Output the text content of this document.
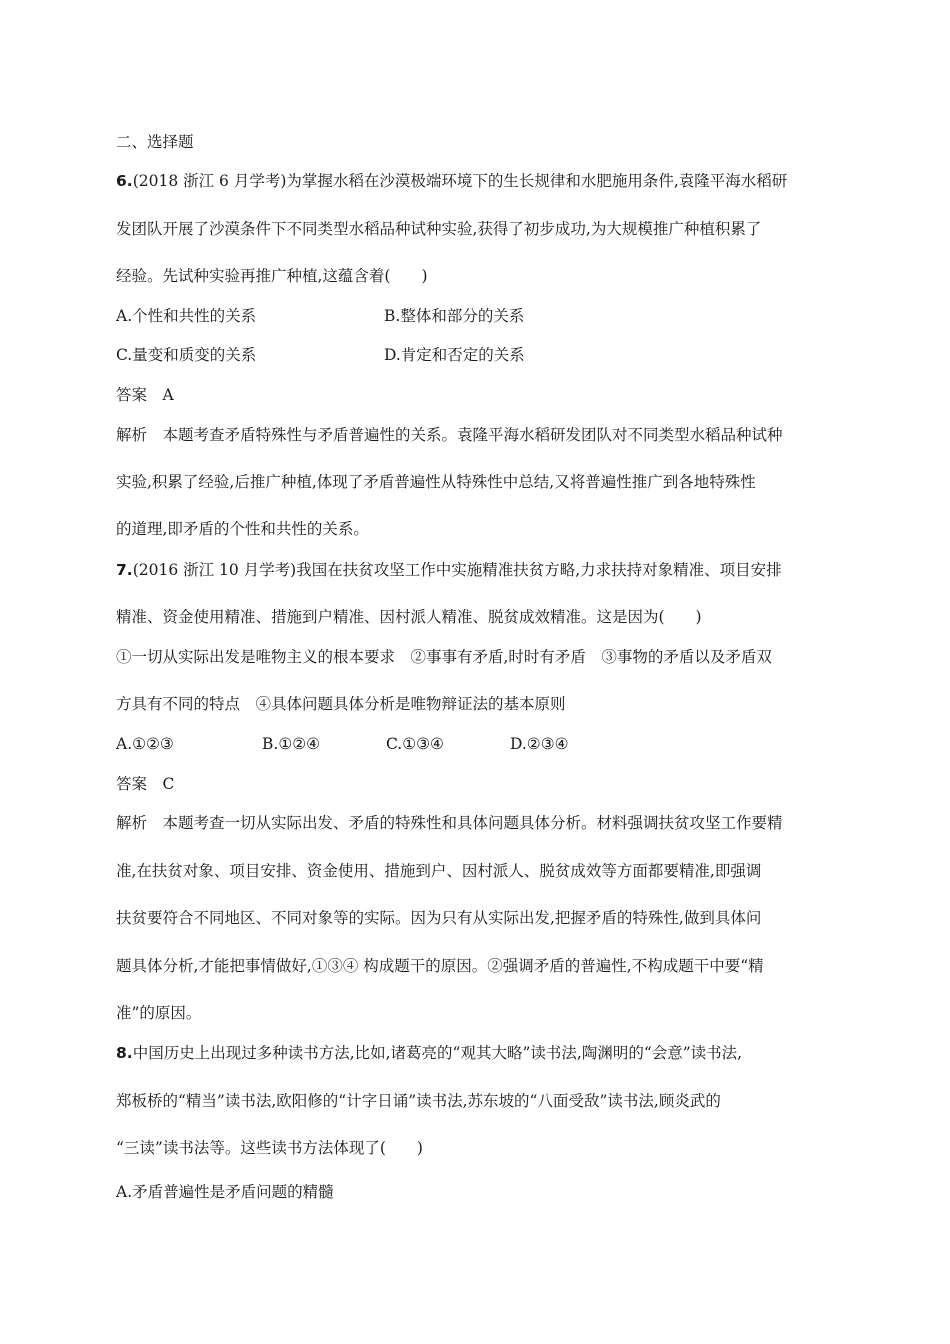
二、选择题
6.(2018 浙江 6 月学考)为掌握水稻在沙漠极端环境下的生长规律和水肥施用条件,袁隆平海水稻研
发团队开展了沙漠条件下不同类型水稻品种试种实验,获得了初步成功,为大规模推广种植积累了
经验。先试种实验再推广种植,这蕴含着(　　)
A.个性和共性的关系	B.整体和部分的关系
C.量变和质变的关系	D.肯定和否定的关系
答案　A
解析　本题考查矛盾特殊性与矛盾普遍性的关系。袁隆平海水稻研发团队对不同类型水稻品种试种
实验,积累了经验,后推广种植,体现了矛盾普遍性从特殊性中总结,又将普遍性推广到各地特殊性
的道理,即矛盾的个性和共性的关系。
7.(2016 浙江 10 月学考)我国在扶贫攻坚工作中实施精准扶贫方略,力求扶持对象精准、项目安排
精准、资金使用精准、措施到户精准、因村派人精准、脱贫成效精准。这是因为(　　)
①一切从实际出发是唯物主义的根本要求　②事事有矛盾,时时有矛盾　③事物的矛盾以及矛盾双
方具有不同的特点　④具体问题具体分析是唯物辩证法的基本原则
A.①②③	B.①②④	C.①③④	D.②③④
答案　C
解析　本题考查一切从实际出发、矛盾的特殊性和具体问题具体分析。材料强调扶贫攻坚工作要精
准,在扶贫对象、项目安排、资金使用、措施到户、因村派人、脱贫成效等方面都要精准,即强调
扶贫要符合不同地区、不同对象等的实际。因为只有从实际出发,把握矛盾的特殊性,做到具体问
题具体分析,才能把事情做好,①③④ 构成题干的原因。②强调矛盾的普遍性,不构成题干中要“精
准”的原因。
8.中国历史上出现过多种读书方法,比如,诸葛亮的“观其大略”读书法,陶渊明的“会意”读书法,
郑板桥的“精当”读书法,欧阳修的“计字日诵”读书法,苏东坡的“八面受敌”读书法,顾炎武的
“三读”读书法等。这些读书方法体现了(　　)
A.矛盾普遍性是矛盾问题的精髓
